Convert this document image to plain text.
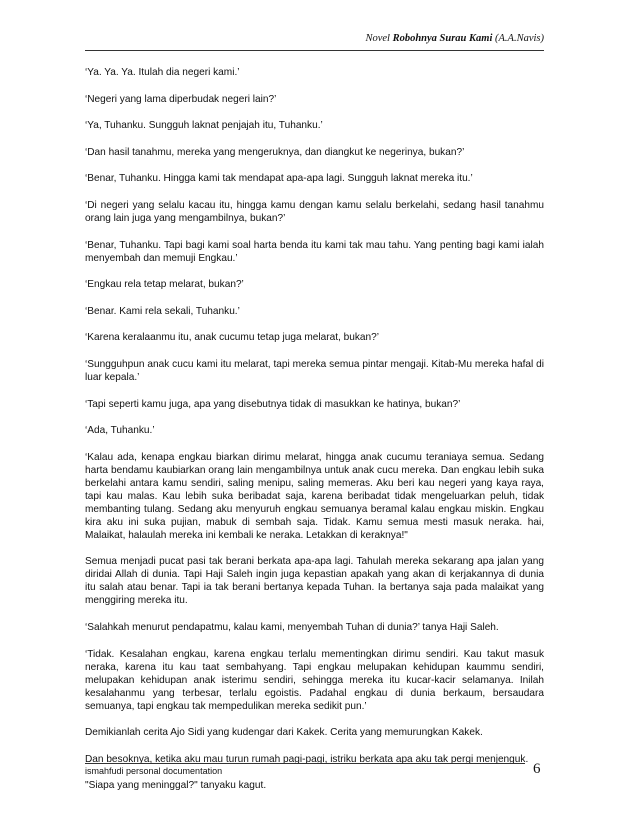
Novel Robohnya Surau Kami (A.A.Navis)

‘Ya. Ya. Ya. Itulah dia negeri kami.’

‘Negeri yang lama diperbudak negeri lain?’

‘Ya, Tuhanku. Sungguh laknat penjajah itu, Tuhanku.’

‘Dan hasil tanahmu, mereka yang mengeruknya, dan diangkut ke negerinya, bukan?’

‘Benar, Tuhanku. Hingga kami tak mendapat apa-apa lagi. Sungguh laknat mereka itu.’

‘Di negeri yang selalu kacau itu, hingga kamu dengan kamu selalu berkelahi, sedang hasil tanahmu orang lain juga yang mengambilnya, bukan?’

‘Benar, Tuhanku. Tapi bagi kami soal harta benda itu kami tak mau tahu. Yang penting bagi kami ialah menyembah dan memuji Engkau.’

‘Engkau rela tetap melarat, bukan?’

‘Benar. Kami rela sekali, Tuhanku.’

‘Karena keralaanmu itu, anak cucumu tetap juga melarat, bukan?’

‘Sungguhpun anak cucu kami itu melarat, tapi mereka semua pintar mengaji. Kitab-Mu mereka hafal di luar kepala.’

‘Tapi seperti kamu juga, apa yang disebutnya tidak di masukkan ke hatinya, bukan?’

‘Ada, Tuhanku.’

‘Kalau ada, kenapa engkau biarkan dirimu melarat, hingga anak cucumu teraniaya semua. Sedang harta bendamu kaubiarkan orang lain mengambilnya untuk anak cucu mereka. Dan engkau lebih suka berkelahi antara kamu sendiri, saling menipu, saling memeras. Aku beri kau negeri yang kaya raya, tapi kau malas. Kau lebih suka beribadat saja, karena beribadat tidak mengeluarkan peluh, tidak membanting tulang. Sedang aku menyuruh engkau semuanya beramal kalau engkau miskin. Engkau kira aku ini suka pujian, mabuk di sembah saja. Tidak. Kamu semua mesti masuk neraka. hai, Malaikat, halaulah mereka ini kembali ke neraka. Letakkan di keraknya!"

Semua menjadi pucat pasi tak berani berkata apa-apa lagi. Tahulah mereka sekarang apa jalan yang diridai Allah di dunia. Tapi Haji Saleh ingin juga kepastian apakah yang akan di kerjakannya di dunia itu salah atau benar. Tapi ia tak berani bertanya kepada Tuhan. Ia bertanya saja pada malaikat yang menggiring mereka itu.

‘Salahkah menurut pendapatmu, kalau kami, menyembah Tuhan di dunia?’ tanya Haji Saleh.

‘Tidak. Kesalahan engkau, karena engkau terlalu mementingkan dirimu sendiri. Kau takut masuk neraka, karena itu kau taat sembahyang. Tapi engkau melupakan kehidupan kaummu sendiri, melupakan kehidupan anak isterimu sendiri, sehingga mereka itu kucar-kacir selamanya. Inilah kesalahanmu yang terbesar, terlalu egoistis. Padahal engkau di dunia berkaum, bersaudara semuanya, tapi engkau tak mempedulikan mereka sedikit pun.’

Demikianlah cerita Ajo Sidi yang kudengar dari Kakek. Cerita yang memurungkan Kakek.

Dan besoknya, ketika aku mau turun rumah pagi-pagi, istriku berkata apa aku tak pergi menjenguk.

"Siapa yang meninggal?" tanyaku kagut.

ismahfudi personal documentation	6
